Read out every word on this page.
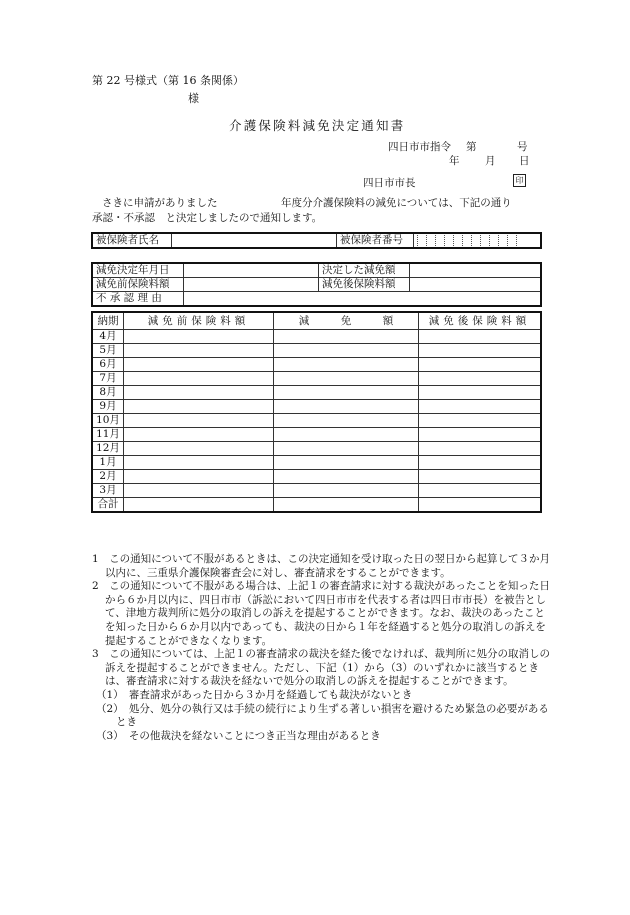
第 22 号様式（第 16 条関係）
様
介護保険料減免決定通知書
四日市市指令 第	号
年 月 日
四日市市長	印
さきに申請がありました	年度分介護保険料の減免については、下記の通り
承認・不承認　と決定しましたので通知します。
被保険者氏名		被保険者番号	
減免決定年月日		決定した減免額	
減免前保険料額		減免後保険料額	
不 承 認 理 由			
納期	減免前保険料額	減　　　免　　　額	減免後保険料額
4月			
5月			
6月			
7月			
8月			
9月			
10月			
11月			
12月			
1月			
2月			
3月			
合計			

1　この通知について不服があるときは、この決定通知を受け取った日の翌日から起算して３か月以内に、三重県介護保険審査会に対し、審査請求をすることができます。

2　この通知について不服がある場合は、上記１の審査請求に対する裁決があったことを知った日から６か月以内に、四日市市（訴訟において四日市市を代表する者は四日市市長）を被告として、津地方裁判所に処分の取消しの訴えを提起することができます。なお、裁決のあったことを知った日から６か月以内であっても、裁決の日から１年を経過すると処分の取消しの訴えを提起することができなくなります。

3　この通知については、上記１の審査請求の裁決を経た後でなければ、裁判所に処分の取消しの訴えを提起することができません。ただし、下記（1）から（3）のいずれかに該当するときは、審査請求に対する裁決を経ないで処分の取消しの訴えを提起することができます。

（1）　審査請求があった日から３か月を経過しても裁決がないとき

（2）　処分、処分の執行又は手続の続行により生ずる著しい損害を避けるため緊急の必要があるとき

（3）　その他裁決を経ないことにつき正当な理由があるとき
